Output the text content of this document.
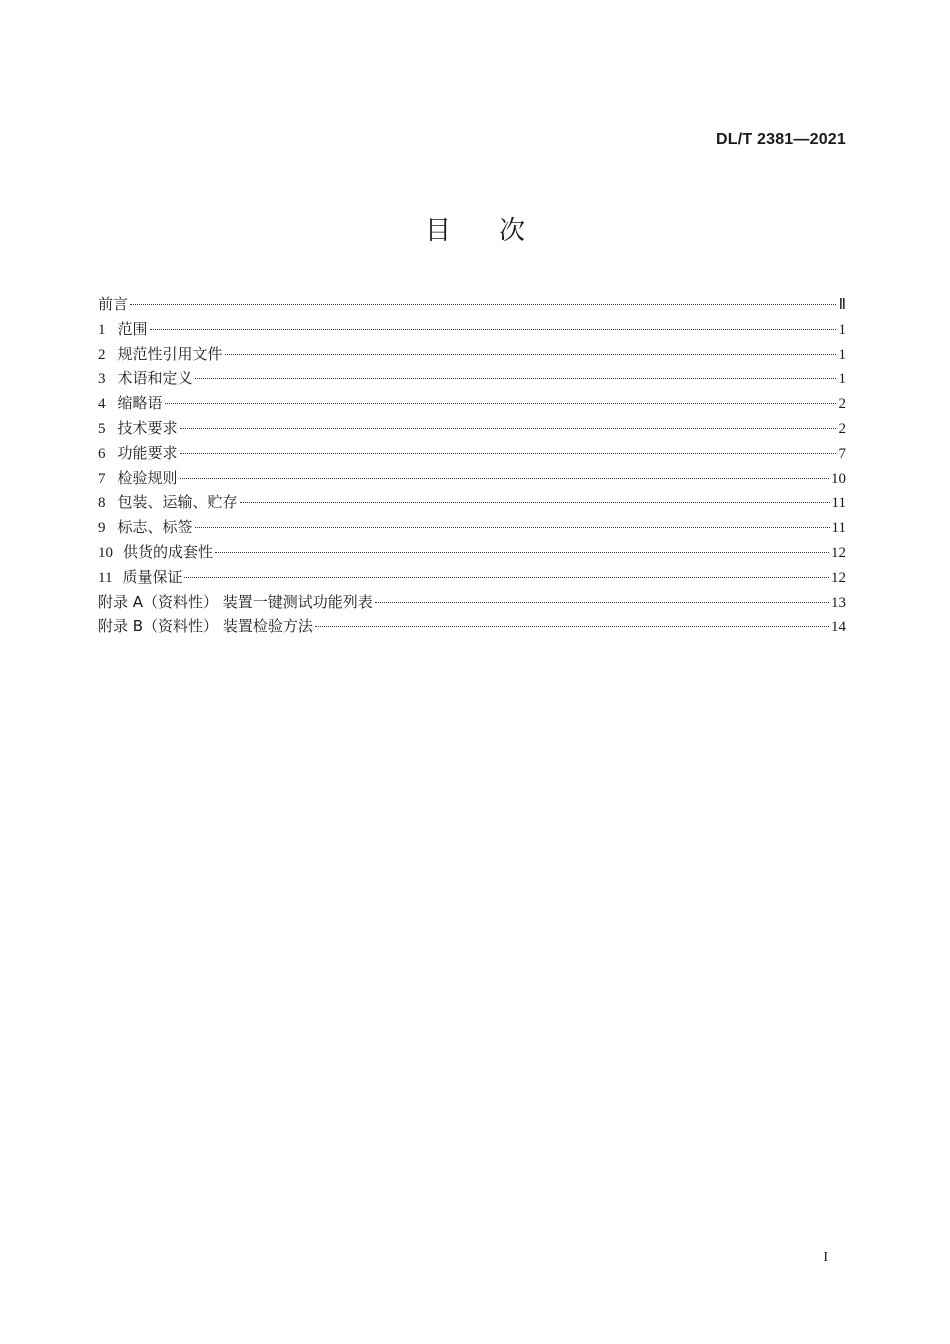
DL/T 2381—2021
目次
前言	Ⅱ
1 范围	1
2 规范性引用文件	1
3 术语和定义	1
4 缩略语	2
5 技术要求	2
6 功能要求	7
7 检验规则	10
8 包装、运输、贮存	11
9 标志、标签	11
10 供货的成套性	12
11 质量保证	12
附录 A（资料性） 装置一键测试功能列表	13
附录 B（资料性） 装置检验方法	14
I
